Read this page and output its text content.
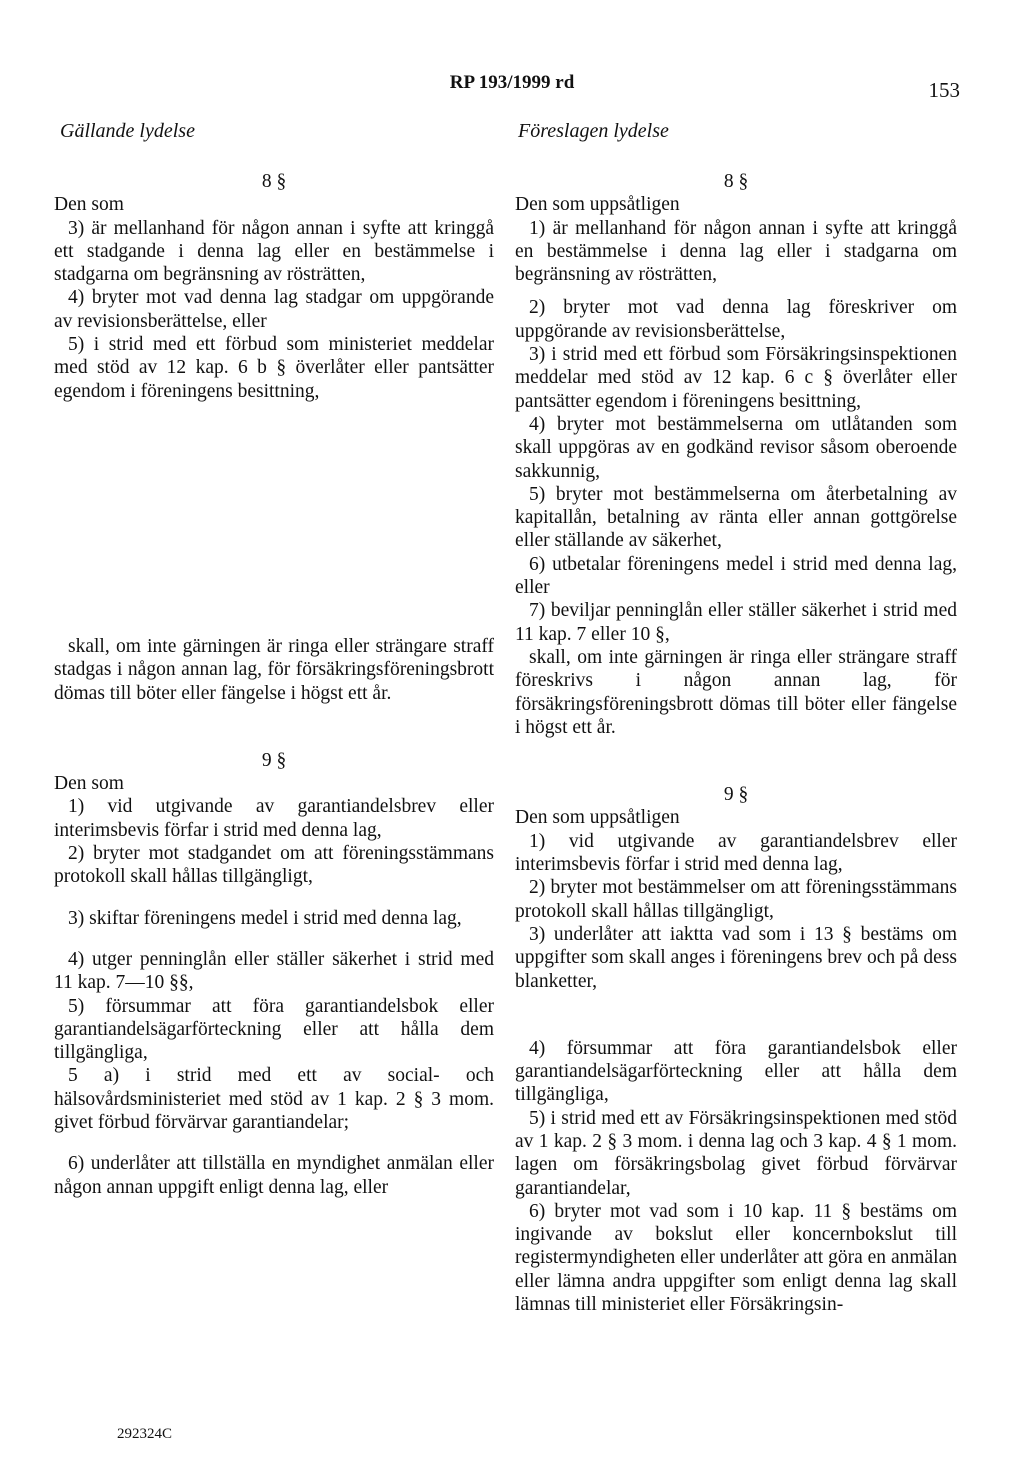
RP 193/1999 rd	153
Gällande lydelse	Föreslagen lydelse

8 §

Den som

3) är mellanhand för någon annan i syfte att kringgå ett stadgande i denna lag eller en bestämmelse i stadgarna om begränsning av rösträtten,

4) bryter mot vad denna lag stadgar om uppgörande av revisionsberättelse, eller

5) i strid med ett förbud som ministeriet meddelar med stöd av 12 kap. 6 b § överlåter eller pantsätter egendom i föreningens besittning,

skall, om inte gärningen är ringa eller strängare straff stadgas i någon annan lag, för försäkringsföreningsbrott dömas till böter eller fängelse i högst ett år.

9 §

Den som

1) vid utgivande av garantiandelsbrev eller interimsbevis förfar i strid med denna lag,

2) bryter mot stadgandet om att föreningsstämmans protokoll skall hållas tillgängligt,

3) skiftar föreningens medel i strid med denna lag,

4) utger penninglån eller ställer säkerhet i strid med 11 kap. 7—10 §§,

5) försummar att föra garantiandelsbok eller garantiandelsägarförteckning eller att hålla dem tillgängliga,

5 a) i strid med ett av social- och hälsovårdsministeriet med stöd av 1 kap. 2 § 3 mom. givet förbud förvärvar garantiandelar;

6) underlåter att tillställa en myndighet anmälan eller någon annan uppgift enligt denna lag, eller

8 §

Den som uppsåtligen

1) är mellanhand för någon annan i syfte att kringgå en bestämmelse i denna lag eller i stadgarna om begränsning av rösträtten,

2) bryter mot vad denna lag föreskriver om uppgörande av revisionsberättelse,

3) i strid med ett förbud som Försäkringsinspektionen meddelar med stöd av 12 kap. 6 c § överlåter eller pantsätter egendom i föreningens besittning,

4) bryter mot bestämmelserna om utlåtanden som skall uppgöras av en godkänd revisor såsom oberoende sakkunnig,

5) bryter mot bestämmelserna om återbetalning av kapitallån, betalning av ränta eller annan gottgörelse eller ställande av säkerhet,

6) utbetalar föreningens medel i strid med denna lag, eller

7) beviljar penninglån eller ställer säkerhet i strid med 11 kap. 7 eller 10 §,

skall, om inte gärningen är ringa eller strängare straff föreskrivs i någon annan lag, för försäkringsföreningsbrott dömas till böter eller fängelse i högst ett år.

9 §

Den som uppsåtligen

1) vid utgivande av garantiandelsbrev eller interimsbevis förfar i strid med denna lag,

2) bryter mot bestämmelser om att föreningsstämmans protokoll skall hållas tillgängligt,

3) underlåter att iaktta vad som i 13 § bestäms om uppgifter som skall anges i föreningens brev och på dess blanketter,

4) försummar att föra garantiandelsbok eller garantiandelsägarförteckning eller att hålla dem tillgängliga,

5) i strid med ett av Försäkringsinspektionen med stöd av 1 kap. 2 § 3 mom. i denna lag och 3 kap. 4 § 1 mom. lagen om försäkringsbolag givet förbud förvärvar garantiandelar,

6) bryter mot vad som i 10 kap. 11 § bestäms om ingivande av bokslut eller koncernbokslut till registermyndigheten eller underlåter att göra en anmälan eller lämna andra uppgifter som enligt denna lag skall lämnas till ministeriet eller Försäkringsin-

292324C
